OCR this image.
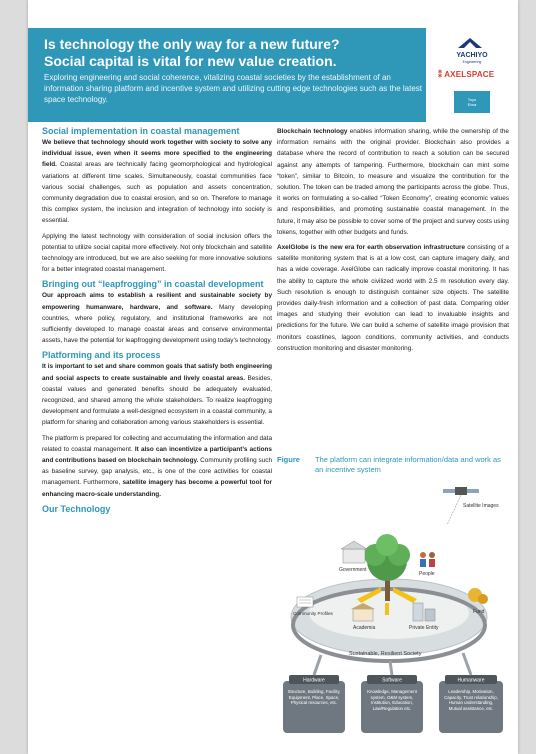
Is technology the only way for a new future?
Social capital is vital for new value creation.
Exploring engineering and social coherence, vitalizing coastal societies by the establishment of an information sharing platform and incentive system and utilizing cutting edge technologies such as the latest space technology.
YACHIYO
Engineering
⁑ AXELSPACE
Toyo
Eiwa
Social implementation in coastal management

We believe that technology should work together with society to solve any individual issue, even when it seems more specified to the engineering field. Coastal areas are technically facing geomorphological and hydrological variations at different time scales. Simultaneously, coastal communities face various social challenges, such as population and assets concentration, community degradation due to coastal erosion, and so on. Therefore to manage this complex system, the inclusion and integration of technology into society is essential.

Applying the latest technology with consideration of social inclusion offers the potential to utilize social capital more effectively. Not only blockchain and satellite technology are introduced, but we are also seeking for more innovative solutions for a better integrated coastal management.

Bringing out “leapfrogging” in coastal development

Our approach aims to establish a resilient and sustainable society by empowering humanware, hardware, and software. Many developing countries, where policy, regulatory, and institutional frameworks are not sufficiently developed to manage coastal areas and conserve environmental assets, have the potential for leapfrogging development using today’s technology.

Platforming and its process

It is important to set and share common goals that satisfy both engineering and social aspects to create sustainable and lively coastal areas. Besides, coastal values and generated benefits should be adequately evaluated, recognized, and shared among the whole stakeholders. To realize leapfrogging development and formulate a well-designed ecosystem in a coastal community, a platform for sharing and collaboration among various stakeholders is essential.

The platform is prepared for collecting and accumulating the information and data related to coastal management. It also can incentivize a participant’s actions and contributions based on blockchain technology. Community profiling such as baseline survey, gap analysis, etc., is one of the core activities for coastal management. Furthermore, satellite imagery has become a powerful tool for enhancing macro-scale understanding.

Our Technology

Blockchain technology enables information sharing, while the ownership of the information remains with the original provider. Blockchain also provides a database where the record of contribution to reach a solution can be secured against any attempts of tampering. Furthermore, blockchain can mint some “token”, similar to Bitcoin, to measure and visualize the contribution for the solution. The token can be traded among the participants across the globe. Thus, it works on formulating a so-called “Token Economy”, creating economic values and responsibilities, and promoting sustainable coastal management. In the future, it may also be possible to cover some of the project and survey costs using tokens, together with other budgets and funds.

AxelGlobe is the new era for earth observation infrastructure consisting of a satellite monitoring system that is at a low cost, can capture imagery daily, and has a wide coverage. AxelGlobe can radically improve coastal monitoring. It has the ability to capture the whole civilized world with 2.5 m resolution every day. Such resolution is enough to distinguish container size objects. The satellite provides daily-fresh information and a collection of past data. Comparing older images and studying their evolution can lead to invaluable insights and predictions for the future. We can build a scheme of satellite image provision that monitors coastlines, lagoon conditions, community activities, and conducts construction monitoring and disaster monitoring.

Figure The platform can integrate information/data and work as an incentive system
Satellite Images
Sustainable, Resilient Society
Government
People
Fund
Community Profiles
Academia	Private Entity
Hardware
Structure, Building, Facility, Equipment, Place, Space, Physical resources, etc.
Software
Knowledge, Management system, O&M system, Institution, Education, Law/Regulation etc.
Humanware
Leadership, Motivation, Capacity, Trust relationship, Human understanding, Mutual assistance, etc.
